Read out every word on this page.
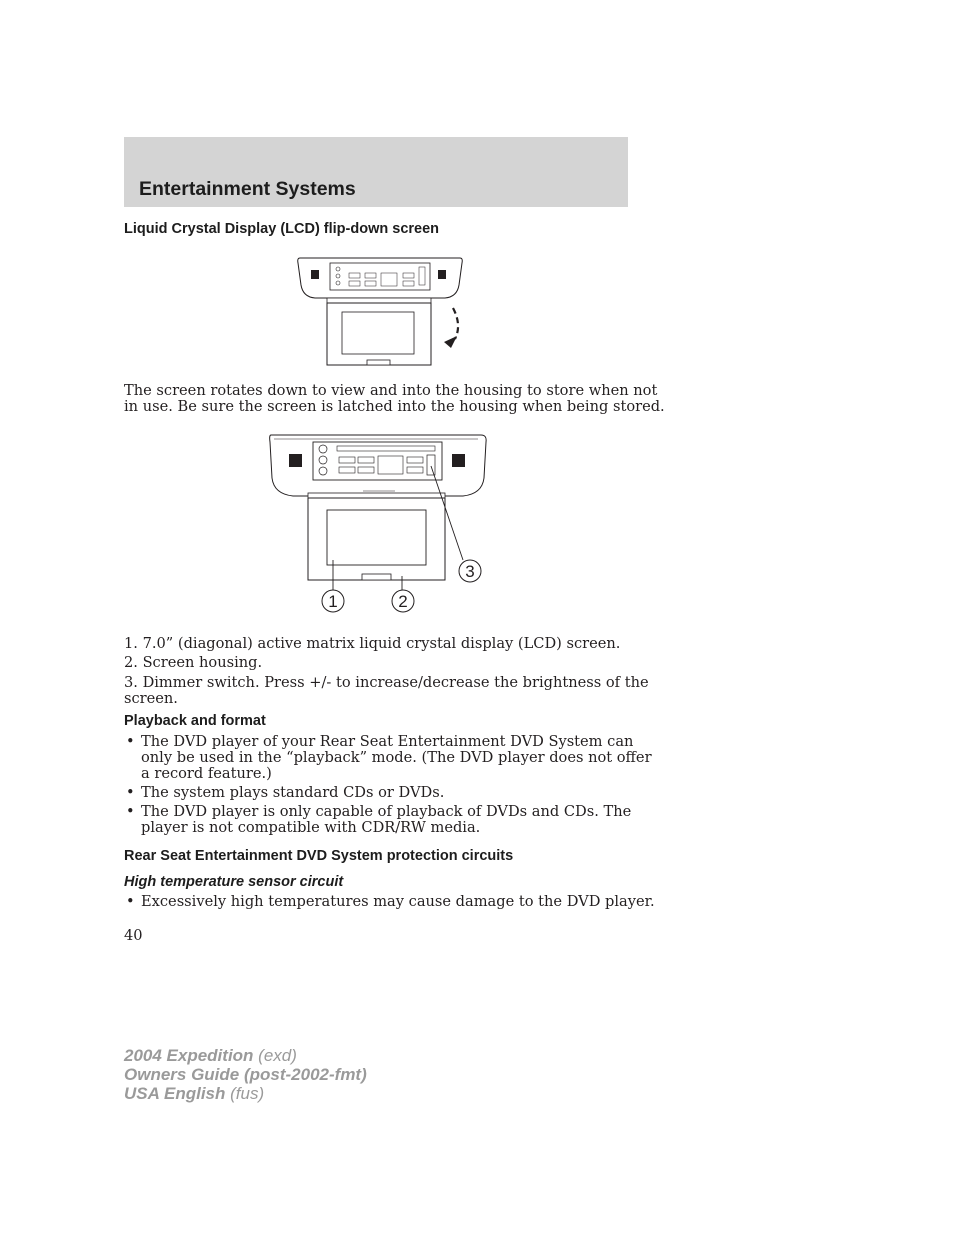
Entertainment Systems
Liquid Crystal Display (LCD) flip-down screen
The screen rotates down to view and into the housing to store when not
in use. Be sure the screen is latched into the housing when being stored.
1	2
3
1. 7.0” (diagonal) active matrix liquid crystal display (LCD) screen.
2. Screen housing.
3. Dimmer switch. Press +/- to increase/decrease the brightness of the
screen.
Playback and format
• The DVD player of your Rear Seat Entertainment DVD System can
only be used in the “playback” mode. (The DVD player does not offer
a record feature.)
• The system plays standard CDs or DVDs.
• The DVD player is only capable of playback of DVDs and CDs. The
player is not compatible with CDR/RW media.
Rear Seat Entertainment DVD System protection circuits
High temperature sensor circuit
• Excessively high temperatures may cause damage to the DVD player.
40
2004 Expedition (exd)
Owners Guide (post-2002-fmt)
USA English (fus)
